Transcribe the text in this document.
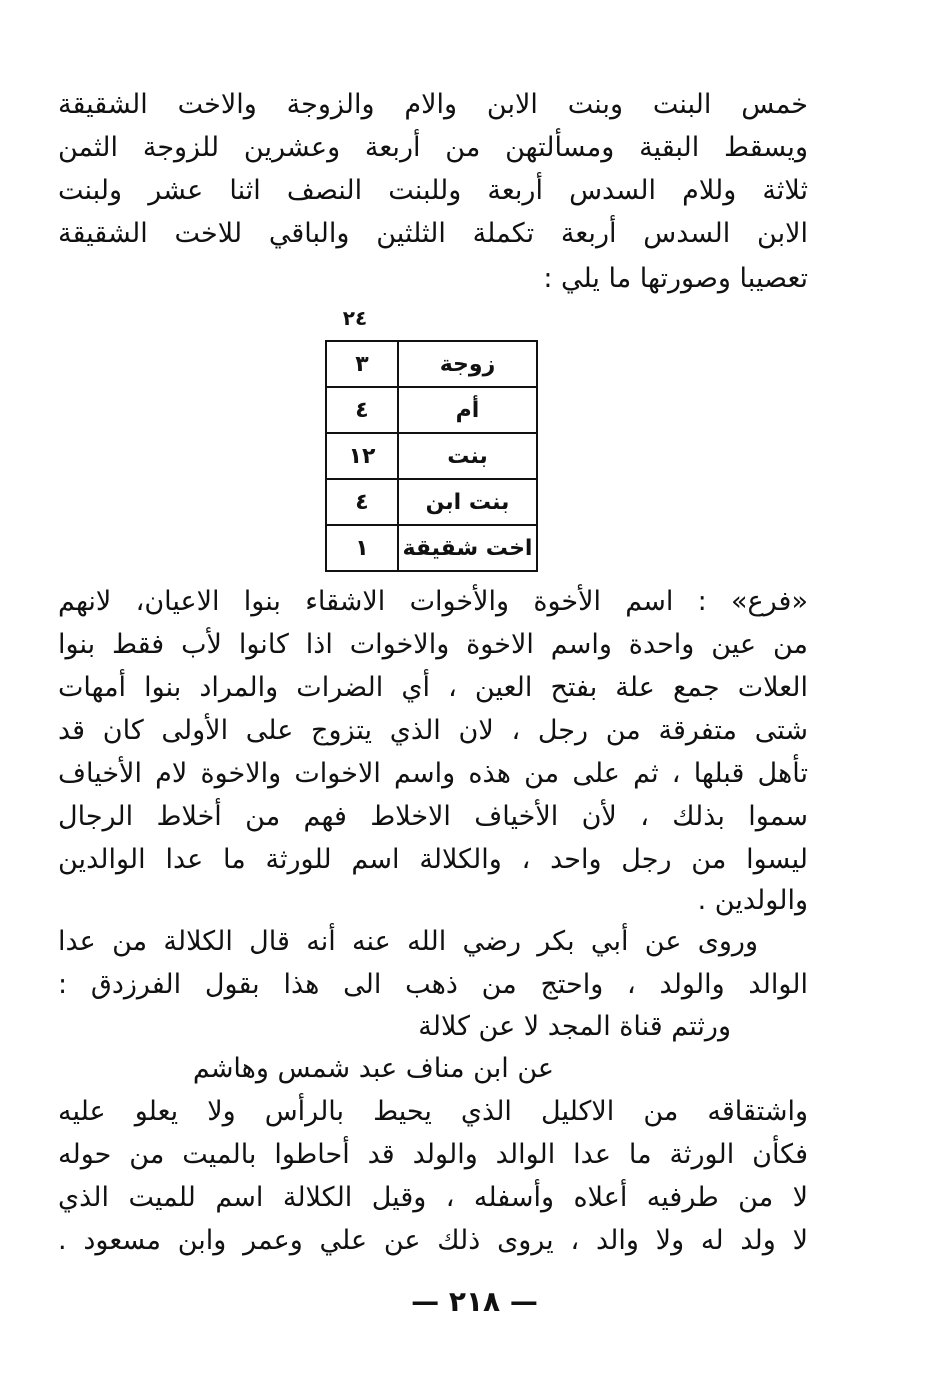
خمس البنت وبنت الابن والام والزوجة والاخت الشقيقة
ويسقط البقية ومسألتهن من أربعة وعشرين للزوجة الثمن
ثلاثة وللام السدس أربعة وللبنت النصف اثنا عشر ولبنت
الابن السدس أربعة تكملة الثلثين والباقي للاخت الشقيقة
تعصيبا وصورتها ما يلي :
٢٤
٣	زوجة
٤	أم
١٢	بنت
٤	بنت ابن
١	اخت شقيقة
«فرع» : اسم الأخوة والأخوات الاشقاء بنوا الاعيان، لانهم
من عين واحدة واسم الاخوة والاخوات اذا كانوا لأب فقط بنوا
العلات جمع علة بفتح العين ، أي الضرات والمراد بنوا أمهات
شتى متفرقة من رجل ، لان الذي يتزوج على الأولى كان قد
تأهل قبلها ، ثم على من هذه واسم الاخوات والاخوة لام الأخياف
سموا بذلك ، لأن الأخياف الاخلاط فهم من أخلاط الرجال
ليسوا من رجل واحد ، والكلالة اسم للورثة ما عدا الوالدين
والولدين .
وروى عن أبي بكر رضي الله عنه أنه قال الكلالة من عدا
الوالد والولد ، واحتج من ذهب الى هذا بقول الفرزدق :
ورثتم قناة المجد لا عن كلالة
عن ابن مناف عبد شمس وهاشم
واشتقاقه من الاكليل الذي يحيط بالرأس ولا يعلو عليه
فكأن الورثة ما عدا الوالد والولد قد أحاطوا بالميت من حوله
لا من طرفيه أعلاه وأسفله ، وقيل الكلالة اسم للميت الذي
لا ولد له ولا والد ، يروى ذلك عن علي وعمر وابن مسعود .
— ٢١٨ —
